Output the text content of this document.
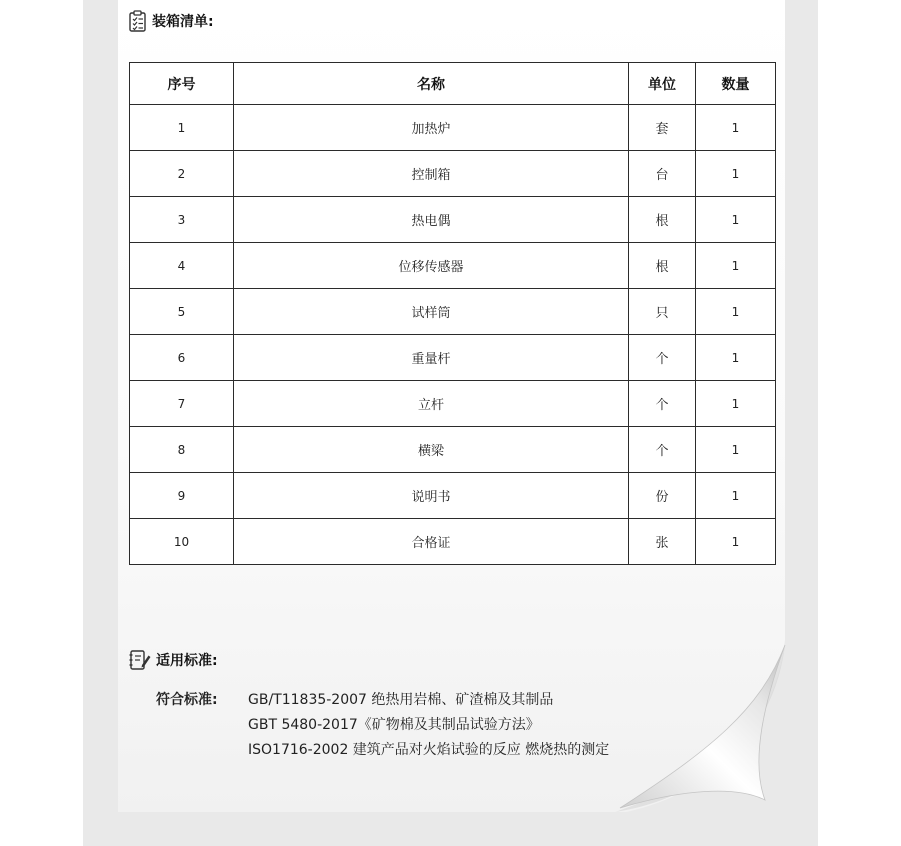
装箱清单:
序号	名称	单位	数量
1	加热炉	套	1
2	控制箱	台	1
3	热电偶	根	1
4	位移传感器	根	1
5	试样筒	只	1
6	重量杆	个	1
7	立杆	个	1
8	横梁	个	1
9	说明书	份	1
10	合格证	张	1
适用标准:
符合标准: GB/T11835-2007 绝热用岩棉、矿渣棉及其制品
GBT 5480-2017《矿物棉及其制品试验方法》
ISO1716-2002 建筑产品对火焰试验的反应 燃烧热的测定
